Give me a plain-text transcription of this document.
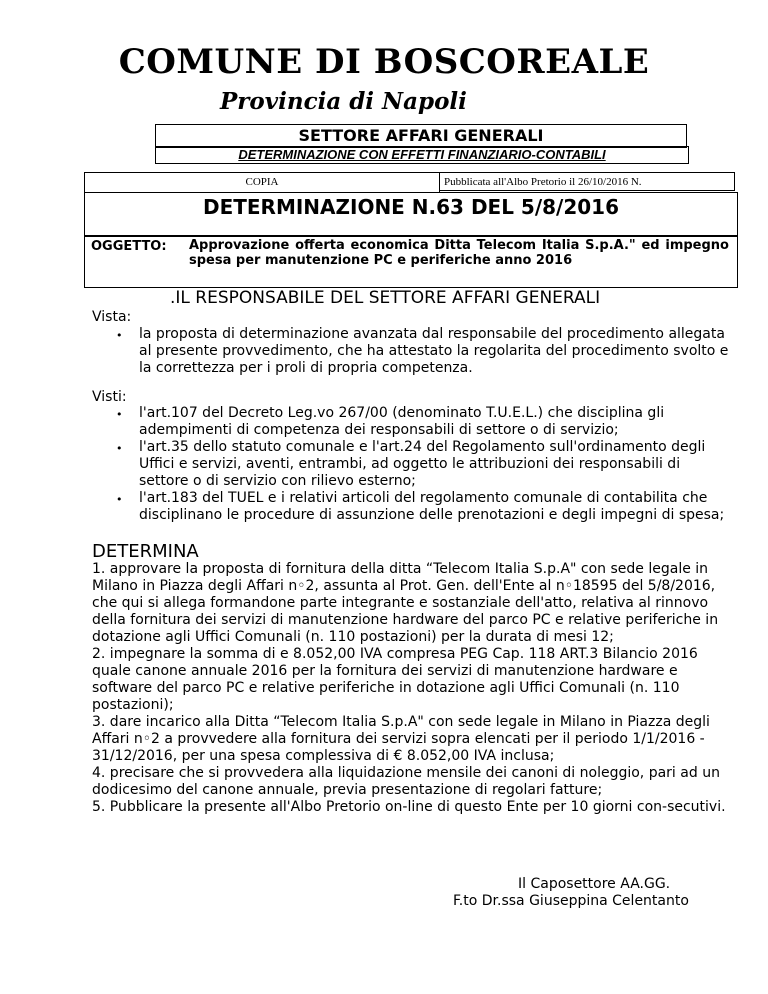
COMUNE DI BOSCOREALE
Provincia di Napoli
SETTORE AFFARI GENERALI
DETERMINAZIONE CON EFFETTI FINANZIARIO-CONTABILI
COPIA	Pubblicata all'Albo Pretorio il 26/10/2016 N.
DETERMINAZIONE N.63 DEL 5/8/2016
OGGETTO: Approvazione offerta economica Ditta Telecom Italia S.p.A." ed impegno spesa per manutenzione PC e periferiche anno 2016
.IL RESPONSABILE DEL SETTORE AFFARI GENERALI
Vista:
• la proposta di determinazione avanzata dal responsabile del procedimento allegata al presente provvedimento, che ha attestato la regolarita del procedimento svolto e la correttezza per i proli di propria competenza.
Visti:
• l'art.107 del Decreto Leg.vo 267/00 (denominato T.U.E.L.) che disciplina gli adempimenti di competenza dei responsabili di settore o di servizio;
• l'art.35 dello statuto comunale e l'art.24 del Regolamento sull'ordinamento degli Uffici e servizi, aventi, entrambi, ad oggetto le attribuzioni dei responsabili di settore o di servizio con rilievo esterno;
• l'art.183 del TUEL e i relativi articoli del regolamento comunale di contabilita che disciplinano le procedure di assunzione delle prenotazioni e degli impegni di spesa;
DETERMINA
1. approvare la proposta di fornitura della ditta “Telecom Italia S.p.A" con sede legale in Milano in Piazza degli Affari n◦2, assunta al Prot. Gen. dell'Ente al n◦18595 del 5/8/2016, che qui si allega formandone parte integrante e sostanziale dell'atto, relativa al rinnovo della fornitura dei servizi di manutenzione hardware del parco PC e relative periferiche in dotazione agli Uffici Comunali (n. 110 postazioni) per la durata di mesi 12;
2. impegnare la somma di e 8.052,00 IVA compresa PEG Cap. 118 ART.3 Bilancio 2016 quale canone annuale 2016 per la fornitura dei servizi di manutenzione hardware e software del parco PC e relative periferiche in dotazione agli Uffici Comunali (n. 110 postazioni);
3. dare incarico alla Ditta “Telecom Italia S.p.A" con sede legale in Milano in Piazza degli Affari n◦2 a provvedere alla fornitura dei servizi sopra elencati per il periodo 1/1/2016 - 31/12/2016, per una spesa complessiva di € 8.052,00 IVA inclusa;
4. precisare che si provvedera alla liquidazione mensile dei canoni di noleggio, pari ad un dodicesimo del canone annuale, previa presentazione di regolari fatture;
5. Pubblicare la presente all'Albo Pretorio on-line di questo Ente per 10 giorni con-secutivi.
Il Caposettore AA.GG.
F.to Dr.ssa Giuseppina Celentanto
